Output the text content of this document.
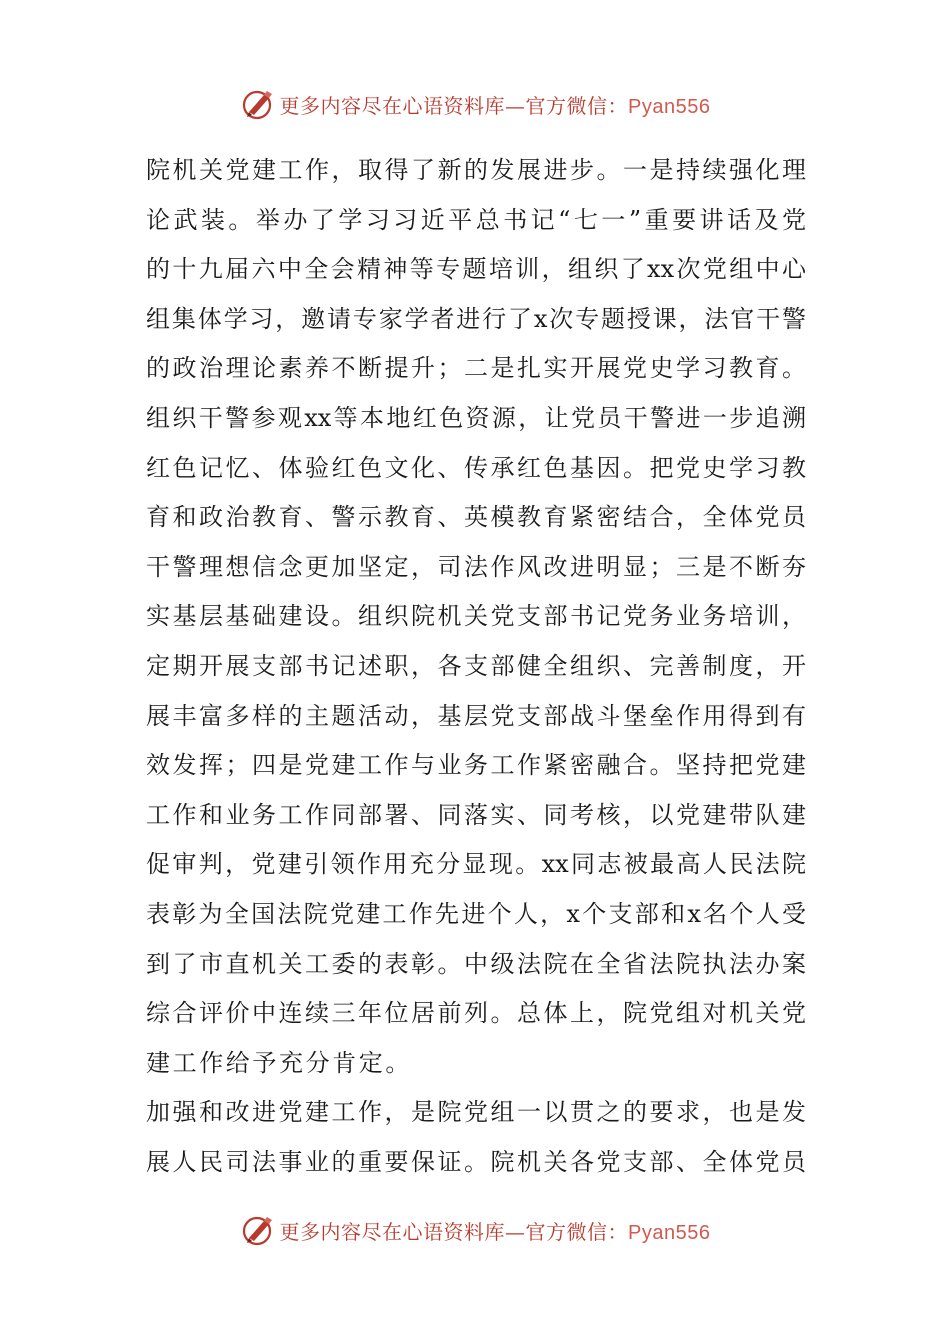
更多内容尽在心语资料库—官方微信：Pyan556
院机关党建工作，取得了新的发展进步。一是持续强化理
论武装。举办了学习习近平总书记“七一”重要讲话及党
的十九届六中全会精神等专题培训，组织了xx次党组中心
组集体学习，邀请专家学者进行了x次专题授课，法官干警
的政治理论素养不断提升；二是扎实开展党史学习教育。
组织干警参观xx等本地红色资源，让党员干警进一步追溯
红色记忆、体验红色文化、传承红色基因。把党史学习教
育和政治教育、警示教育、英模教育紧密结合，全体党员
干警理想信念更加坚定，司法作风改进明显；三是不断夯
实基层基础建设。组织院机关党支部书记党务业务培训，
定期开展支部书记述职，各支部健全组织、完善制度，开
展丰富多样的主题活动，基层党支部战斗堡垒作用得到有
效发挥；四是党建工作与业务工作紧密融合。坚持把党建
工作和业务工作同部署、同落实、同考核，以党建带队建
促审判，党建引领作用充分显现。xx同志被最高人民法院
表彰为全国法院党建工作先进个人，x个支部和x名个人受
到了市直机关工委的表彰。中级法院在全省法院执法办案
综合评价中连续三年位居前列。总体上，院党组对机关党
建工作给予充分肯定。
加强和改进党建工作，是院党组一以贯之的要求，也是发
展人民司法事业的重要保证。院机关各党支部、全体党员
更多内容尽在心语资料库—官方微信：Pyan556
